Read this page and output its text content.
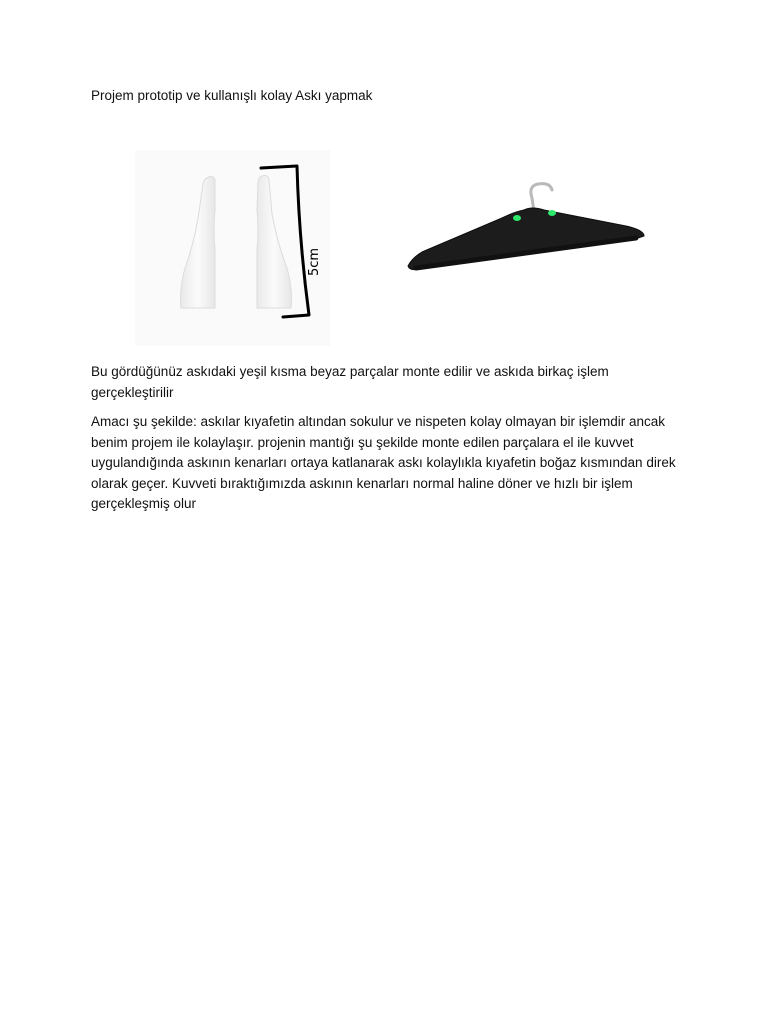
Projem prototip ve kullanışlı kolay Askı yapmak
5cm

Bu gördüğünüz askıdaki yeşil kısma beyaz parçalar monte edilir ve askıda birkaç işlem gerçekleştirilir

Amacı şu şekilde: askılar kıyafetin altından sokulur ve nispeten kolay olmayan bir işlemdir ancak benim projem ile kolaylaşır. projenin mantığı şu şekilde monte edilen parçalara el ile kuvvet uygulandığında askının kenarları ortaya katlanarak askı kolaylıkla kıyafetin boğaz kısmından direk olarak geçer. Kuvveti bıraktığımızda askının kenarları normal haline döner ve hızlı bir işlem gerçekleşmiş olur
